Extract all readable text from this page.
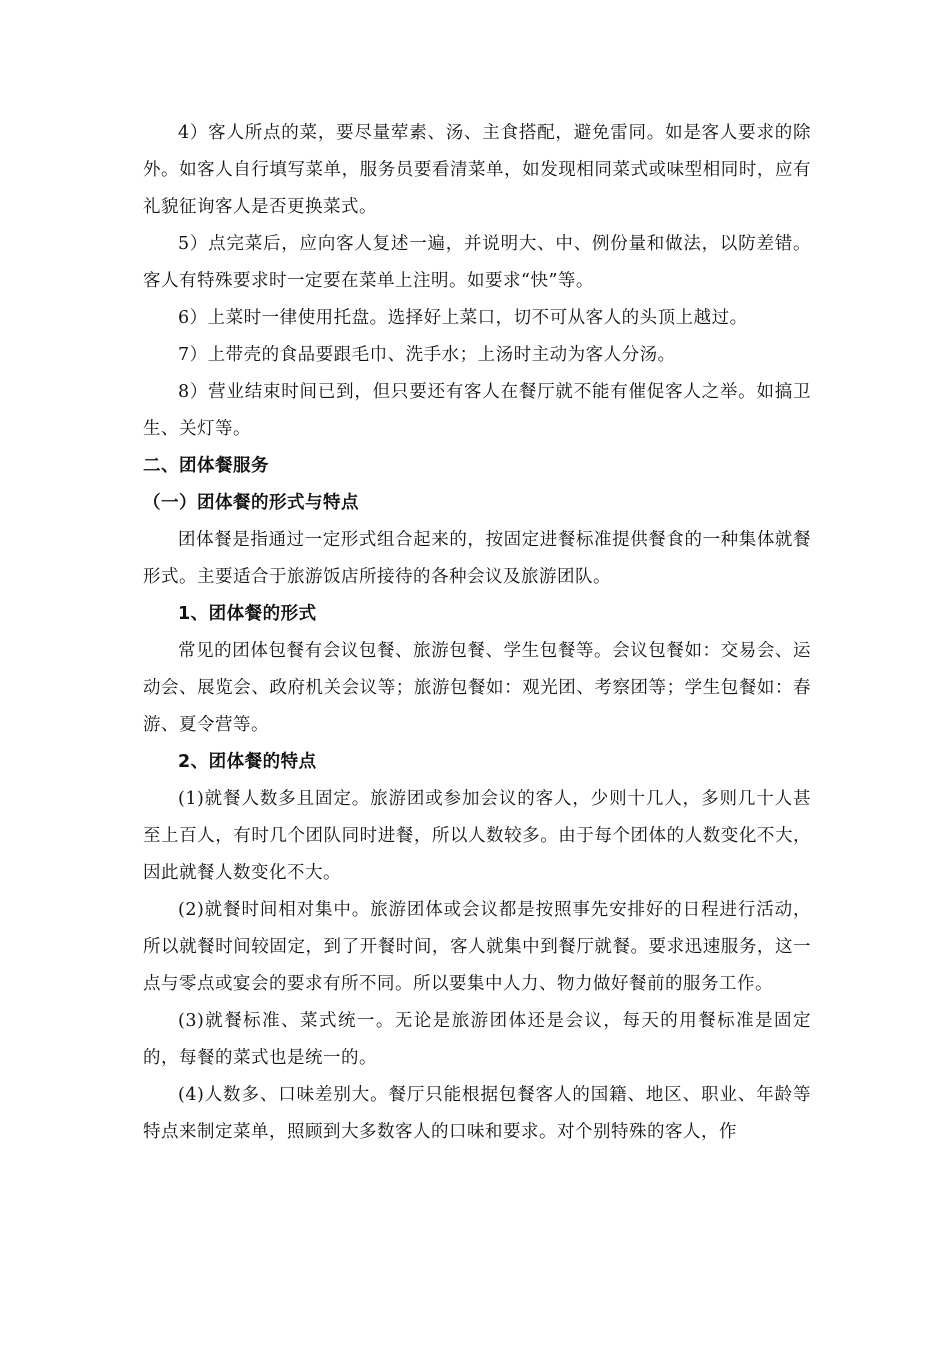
4）客人所点的菜，要尽量荤素、汤、主食搭配，避免雷同。如是客人要求的除外。如客人自行填写菜单，服务员要看清菜单，如发现相同菜式或味型相同时，应有礼貌征询客人是否更换菜式。

5）点完菜后，应向客人复述一遍，并说明大、中、例份量和做法，以防差错。客人有特殊要求时一定要在菜单上注明。如要求“快”等。

6）上菜时一律使用托盘。选择好上菜口，切不可从客人的头顶上越过。

7）上带壳的食品要跟毛巾、洗手水；上汤时主动为客人分汤。

8）营业结束时间已到，但只要还有客人在餐厅就不能有催促客人之举。如搞卫生、关灯等。

二、团体餐服务

（一）团体餐的形式与特点

团体餐是指通过一定形式组合起来的，按固定进餐标准提供餐食的一种集体就餐形式。主要适合于旅游饭店所接待的各种会议及旅游团队。

1、团体餐的形式

常见的团体包餐有会议包餐、旅游包餐、学生包餐等。会议包餐如：交易会、运动会、展览会、政府机关会议等；旅游包餐如：观光团、考察团等；学生包餐如：春游、夏令营等。

2、团体餐的特点

(1)就餐人数多且固定。旅游团或参加会议的客人，少则十几人，多则几十人甚至上百人，有时几个团队同时进餐，所以人数较多。由于每个团体的人数变化不大，因此就餐人数变化不大。

(2)就餐时间相对集中。旅游团体或会议都是按照事先安排好的日程进行活动，所以就餐时间较固定，到了开餐时间，客人就集中到餐厅就餐。要求迅速服务，这一点与零点或宴会的要求有所不同。所以要集中人力、物力做好餐前的服务工作。

(3)就餐标准、菜式统一。无论是旅游团体还是会议，每天的用餐标准是固定的，每餐的菜式也是统一的。

(4)人数多、口味差别大。餐厅只能根据包餐客人的国籍、地区、职业、年龄等特点来制定菜单，照顾到大多数客人的口味和要求。对个别特殊的客人，作
